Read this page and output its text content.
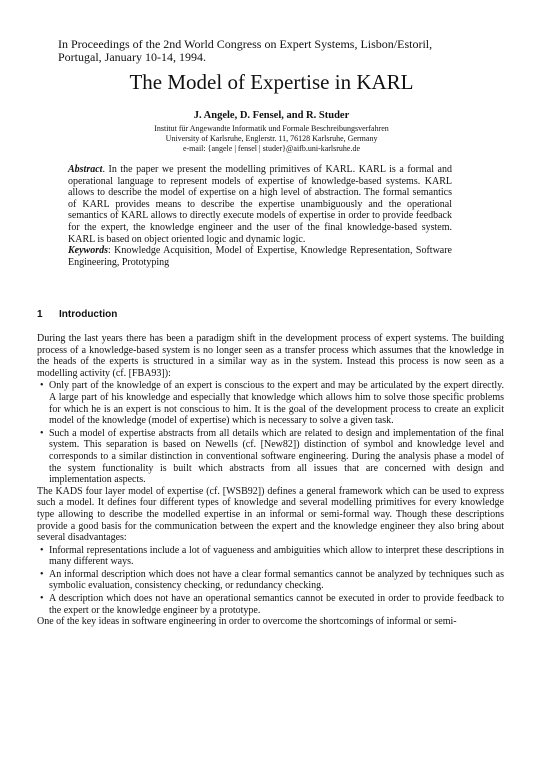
In Proceedings of the 2nd World Congress on Expert Systems, Lisbon/Estoril,
Portugal, January 10-14, 1994.
The Model of Expertise in KARL
J. Angele, D. Fensel, and R. Studer
Institut für Angewandte Informatik und Formale Beschreibungsverfahren
University of Karlsruhe, Englerstr. 11, 76128 Karlsruhe, Germany
e-mail: {angele | fensel | studer}@aifb.uni-karlsruhe.de
Abstract. In the paper we present the modelling primitives of KARL. KARL is a formal and operational language to represent models of expertise of knowledge-based systems. KARL allows to describe the model of expertise on a high level of abstraction. The formal semantics of KARL provides means to describe the expertise unambiguously and the operational semantics of KARL allows to directly execute models of expertise in order to provide feedback for the expert, the knowledge engineer and the user of the final knowledge-based system. KARL is based on object oriented logic and dynamic logic.
Keywords: Knowledge Acquisition, Model of Expertise, Knowledge Representation, Software Engineering, Prototyping
1 Introduction

During the last years there has been a paradigm shift in the development process of expert systems. The building process of a knowledge-based system is no longer seen as a transfer process which assumes that the knowledge in the heads of the experts is structured in a similar way as in the system. Instead this process is now seen as a modelling activity (cf. [FBA93]):

• Only part of the knowledge of an expert is conscious to the expert and may be articulated by the expert directly. A large part of his knowledge and especially that knowledge which allows him to solve those specific problems for which he is an expert is not conscious to him. It is the goal of the development process to create an explicit model of the knowledge (model of expertise) which is necessary to solve a given task.
• Such a model of expertise abstracts from all details which are related to design and implementation of the final system. This separation is based on Newells (cf. [New82]) distinction of symbol and knowledge level and corresponds to a similar distinction in conventional software engineering. During the analysis phase a model of the system functionality is built which abstracts from all issues that are concerned with design and implementation aspects.

The KADS four layer model of expertise (cf. [WSB92]) defines a general framework which can be used to express such a model. It defines four different types of knowledge and several modelling primitives for every knowledge type allowing to describe the modelled expertise in an informal or semi-formal way. Though these descriptions provide a good basis for the communication between the expert and the knowledge engineer they also bring about several disadvantages:

• Informal representations include a lot of vagueness and ambiguities which allow to interpret these descriptions in many different ways.
• An informal description which does not have a clear formal semantics cannot be analyzed by techniques such as symbolic evaluation, consistency checking, or redundancy checking.
• A description which does not have an operational semantics cannot be executed in order to provide feedback to the expert or the knowledge engineer by a prototype.

One of the key ideas in software engineering in order to overcome the shortcomings of informal or semi-
